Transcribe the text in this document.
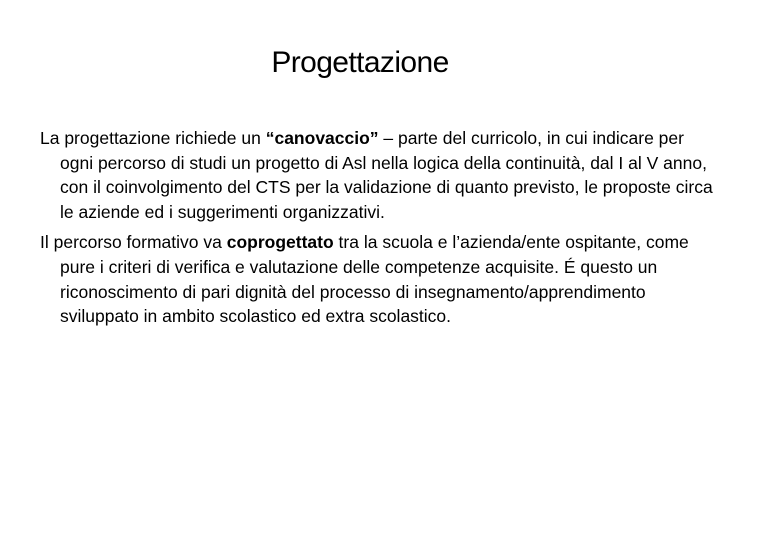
Progettazione

La progettazione richiede un “canovaccio” – parte del curricolo, in cui indicare per ogni percorso di studi un progetto di Asl nella logica della continuità, dal I al V anno, con il coinvolgimento del CTS per la validazione di quanto previsto, le proposte circa le aziende ed i suggerimenti organizzativi.

Il percorso formativo va coprogettato tra la scuola e l’azienda/ente ospitante, come pure i criteri di verifica e valutazione delle competenze acquisite. É questo un riconoscimento di pari dignità del processo di insegnamento/apprendimento sviluppato in ambito scolastico ed extra scolastico.
